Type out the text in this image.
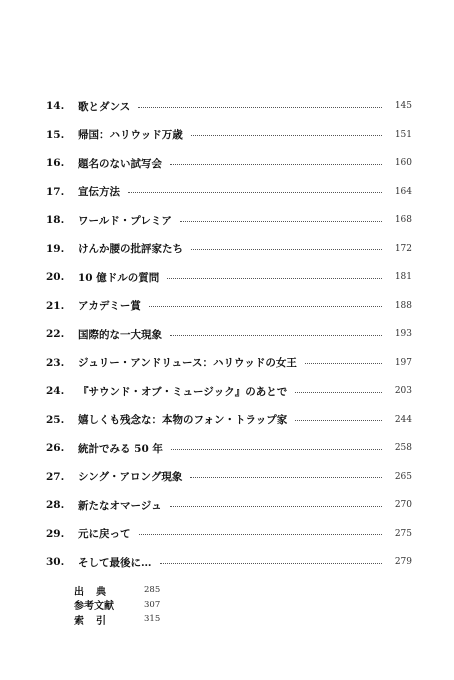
14.	歌とダンス	145
15.	帰国：ハリウッド万歳	151
16.	題名のない試写会	160
17.	宣伝方法	164
18.	ワールド・プレミア	168
19.	けんか腰の批評家たち	172
20.	10 億ドルの質問	181
21.	アカデミー賞	188
22.	国際的な一大現象	193
23.	ジュリー・アンドリュース：ハリウッドの女王	197
24.	『サウンド・オブ・ミュージック』のあとで	203
25.	嬉しくも残念な：本物のフォン・トラップ家	244
26.	統計でみる 50 年	258
27.	シング・アロング現象	265
28.	新たなオマージュ	270
29.	元に戻って	275
30.	そして最後に…	279
出典	285
参考文献	307
索引	315
